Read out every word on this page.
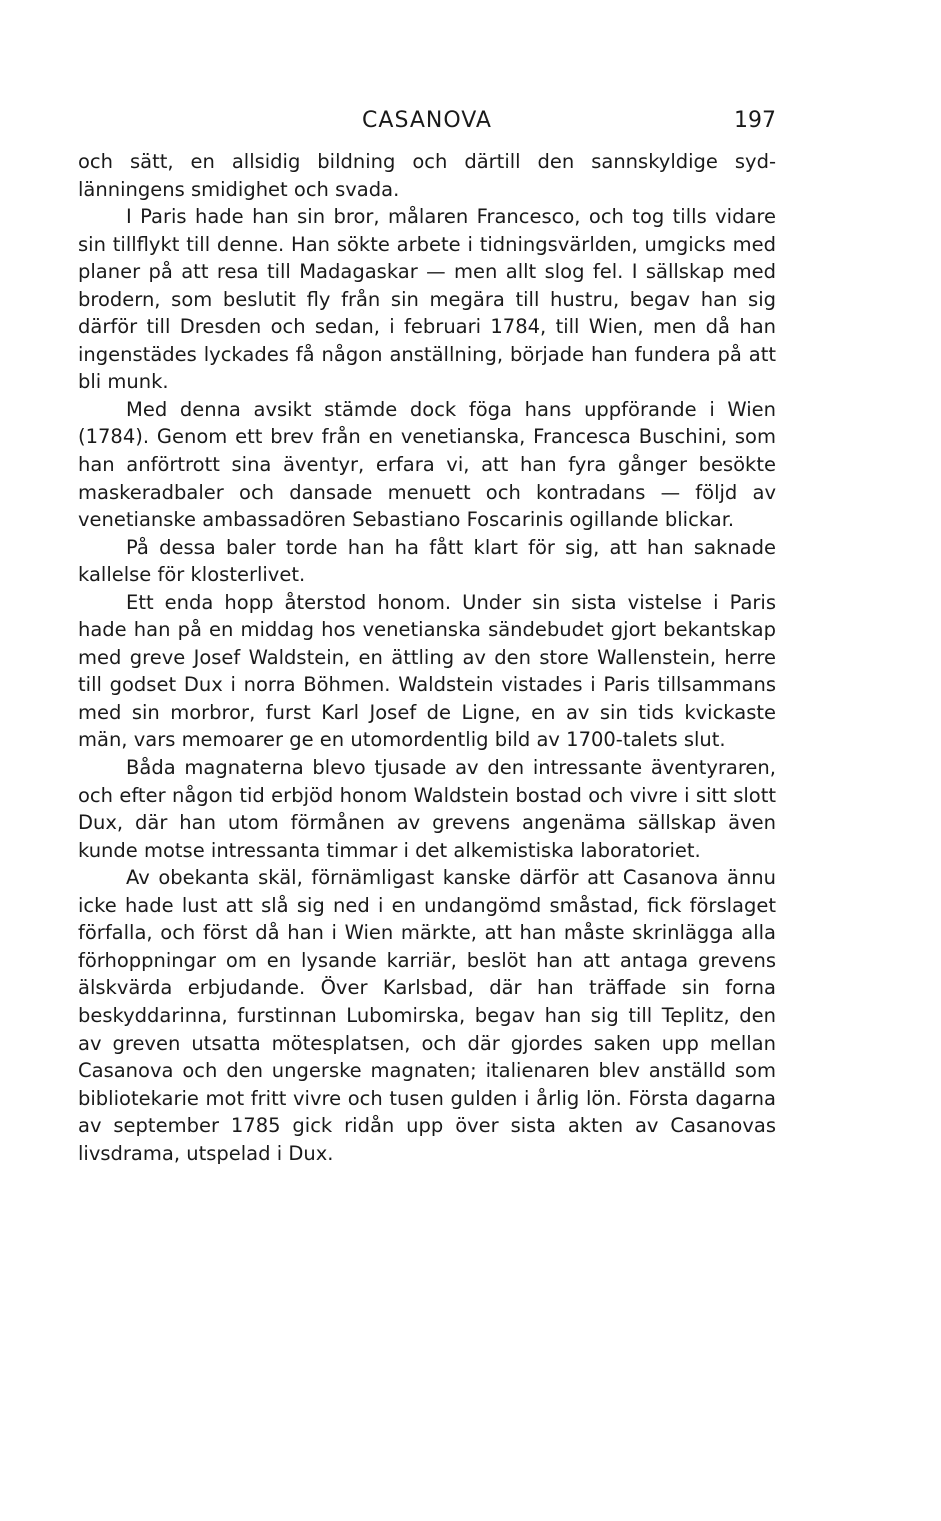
CASANOVA	197

och sätt, en allsidig bildning och därtill den sannskyldige sydlänningens smidighet och svada.

I Paris hade han sin bror, målaren Francesco, och tog tills vidare sin tillflykt till denne. Han sökte arbete i tidningsvärlden, umgicks med planer på att resa till Madagaskar — men allt slog fel. I sällskap med brodern, som beslutit fly från sin megära till hustru, begav han sig därför till Dresden och sedan, i februari 1784, till Wien, men då han ingenstädes lyckades få någon anställning, började han fundera på att bli munk.

Med denna avsikt stämde dock föga hans uppförande i Wien (1784). Genom ett brev från en venetianska, Francesca Buschini, som han anförtrott sina äventyr, erfara vi, att han fyra gånger besökte maskeradbaler och dansade menuett och kontradans — följd av venetianske ambassadören Sebastiano Foscarinis ogillande blickar.

På dessa baler torde han ha fått klart för sig, att han saknade kallelse för klosterlivet.

Ett enda hopp återstod honom. Under sin sista vistelse i Paris hade han på en middag hos venetianska sändebudet gjort bekantskap med greve Josef Waldstein, en ättling av den store Wallenstein, herre till godset Dux i norra Böhmen. Waldstein vistades i Paris tillsammans med sin morbror, furst Karl Josef de Ligne, en av sin tids kvickaste män, vars memoarer ge en utomordentlig bild av 1700-talets slut.

Båda magnaterna blevo tjusade av den intressante äventyraren, och efter någon tid erbjöd honom Waldstein bostad och vivre i sitt slott Dux, där han utom förmånen av grevens angenäma sällskap även kunde motse intressanta timmar i det alkemistiska laboratoriet.

Av obekanta skäl, förnämligast kanske därför att Casanova ännu icke hade lust att slå sig ned i en undangömd småstad, fick förslaget förfalla, och först då han i Wien märkte, att han måste skrinlägga alla förhoppningar om en lysande karriär, beslöt han att antaga grevens älskvärda erbjudande. Över Karlsbad, där han träffade sin forna beskyddarinna, furstinnan Lubomirska, begav han sig till Teplitz, den av greven utsatta mötesplatsen, och där gjordes saken upp mellan Casanova och den ungerske magnaten; italienaren blev anställd som bibliotekarie mot fritt vivre och tusen gulden i årlig lön. Första dagarna av september 1785 gick ridån upp över sista akten av Casanovas livsdrama, utspelad i Dux.
